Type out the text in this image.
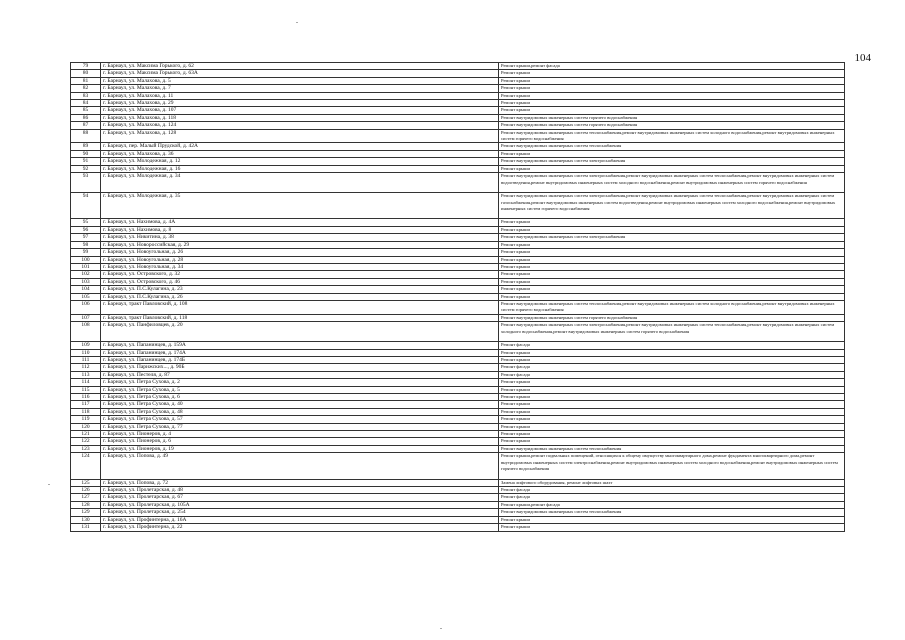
104
79	г. Барнаул, ул. Максима Горького, д. 62	Ремонт крыши,ремонт фасада
80	г. Барнаул, ул. Максима Горького, д. 63А	Ремонт крыши
81	г. Барнаул, ул. Малахова, д. 5	Ремонт крыши
82	г. Барнаул, ул. Малахова, д. 7	Ремонт крыши
83	г. Барнаул, ул. Малахова, д. 11	Ремонт крыши
84	г. Барнаул, ул. Малахова, д. 29	Ремонт крыши
85	г. Барнаул, ул. Малахова, д. 107	Ремонт крыши
86	г. Барнаул, ул. Малахова, д. 118	Ремонт внутридомовых инженерных систем горячего водоснабжения
87	г. Барнаул, ул. Малахова, д. 124	Ремонт внутридомовых инженерных систем горячего водоснабжения
88	г. Барнаул, ул. Малахова, д. 128	Ремонт внутридомовых инженерных систем теплоснабжения,ремонт внутридомовых инженерных систем холодного водоснабжения,ремонт внутридомовых инженерных систем горячего водоснабжения
89	г. Барнаул, пер. Малый Прудской, д. 42А	Ремонт внутридомовых инженерных систем теплоснабжения
90	г. Барнаул, ул. Малахова, д. 36	Ремонт крыши
91	г. Барнаул, ул. Молодежная, д. 12	Ремонт внутридомовых инженерных систем электроснабжения
92	г. Барнаул, ул. Молодежная, д. 16	Ремонт крыши
93	г. Барнаул, ул. Молодежная, д. 34	Ремонт внутридомовых инженерных систем электроснабжения,ремонт внутридомовых инженерных систем теплоснабжения,ремонт внутридомовых инженерных систем водоотведения,ремонт внутридомовых инженерных систем холодного водоснабжения,ремонт внутридомовых инженерных систем горячего водоснабжения
94	г. Барнаул, ул. Молодежная, д. 35	Ремонт внутридомовых инженерных систем электроснабжения,ремонт внутридомовых инженерных систем теплоснабжения,ремонт внутридомовых инженерных систем газоснабжения,ремонт внутридомовых инженерных систем водоотведения,ремонт внутридомовых инженерных систем холодного водоснабжения,ремонт внутридомовых инженерных систем горячего водоснабжения
95	г. Барнаул, ул. Нахимова, д. 4А	Ремонт крыши
96	г. Барнаул, ул. Нахимова, д. 8	Ремонт крыши
97	г. Барнаул, ул. Никитина, д. 38	Ремонт внутридомовых инженерных систем электроснабжения
98	г. Барнаул, ул. Новороссийская, д. 29	Ремонт крыши
99	г. Барнаул, ул. Новоугольная, д. 26	Ремонт крыши
100	г. Барнаул, ул. Новоугольная, д. 28	Ремонт крыши
101	г. Барнаул, ул. Новоугольная, д. 34	Ремонт крыши
102	г. Барнаул, ул. Островского, д. 32	Ремонт крыши
103	г. Барнаул, ул. Островского, д. 46	Ремонт крыши
104	г. Барнаул, ул. П.С.Кулагина, д. 23	Ремонт крыши
105	г. Барнаул, ул. П.С.Кулагина, д. 26	Ремонт крыши
106	г. Барнаул, тракт Павловский, д. 108	Ремонт внутридомовых инженерных систем теплоснабжения,ремонт внутридомовых инженерных систем холодного водоснабжения,ремонт внутридомовых инженерных систем горячего водоснабжения
107	г. Барнаул, тракт Павловский, д. 118	Ремонт внутридомовых инженерных систем горячего водоснабжения
108	г. Барнаул, ул. Панфиловцев, д. 20	Ремонт внутридомовых инженерных систем электроснабжения,ремонт внутридомовых инженерных систем теплоснабжения,ремонт внутридомовых инженерных систем холодного водоснабжения,ремонт внутридомовых инженерных систем горячего водоснабжения
109	г. Барнаул, ул. Папанинцев, д. 159А	Ремонт фасада
110	г. Барнаул, ул. Папанинцев, д. 174А	Ремонт крыши
111	г. Барнаул, ул. Папанинцев, д. 174Б	Ремонт крыши
112	г. Барнаул, ул. Парижских..., д. 90Б	Ремонт фасада
113	г. Барнаул, ул. Пестеля, д. 87	Ремонт фасада
114	г. Барнаул, ул. Петра Сухова, д. 2	Ремонт крыши
115	г. Барнаул, ул. Петра Сухова, д. 5	Ремонт крыши
116	г. Барнаул, ул. Петра Сухова, д. 6	Ремонт крыши
117	г. Барнаул, ул. Петра Сухова, д. 40	Ремонт крыши
118	г. Барнаул, ул. Петра Сухова, д. 48	Ремонт крыши
119	г. Барнаул, ул. Петра Сухова, д. 57	Ремонт крыши
120	г. Барнаул, ул. Петра Сухова, д. 77	Ремонт крыши
121	г. Барнаул, ул. Пионеров, д. 4	Ремонт крыши
122	г. Барнаул, ул. Пионеров, д. 6	Ремонт крыши
123	г. Барнаул, ул. Пионеров, д. 19	Ремонт внутридомовых инженерных систем теплоснабжения
124	г. Барнаул, ул. Попова, д. 49	Ремонт крыши,ремонт подвальных помещений, относящихся к общему имуществу многоквартирного дома,ремонт фундамента многоквартирного дома,ремонт внутридомовых инженерных систем электроснабжения,ремонт внутридомовых инженерных систем холодного водоснабжения,ремонт внутридомовых инженерных систем горячего водоснабжения
125	г. Барнаул, ул. Попова, д. 72	Замена лифтового оборудования, ремонт лифтовых шахт
126	г. Барнаул, ул. Пролетарская, д. 48	Ремонт фасада
127	г. Барнаул, ул. Пролетарская, д. 67	Ремонт фасада
128	г. Барнаул, ул. Пролетарская, д. 105А	Ремонт крыши,ремонт фасада
129	г. Барнаул, ул. Пролетарская, д. 254	Ремонт внутридомовых инженерных систем теплоснабжения
130	г. Барнаул, ул. Профинтерна, д. 16А	Ремонт крыши
131	г. Барнаул, ул. Профинтерна, д. 22	Ремонт крыши
